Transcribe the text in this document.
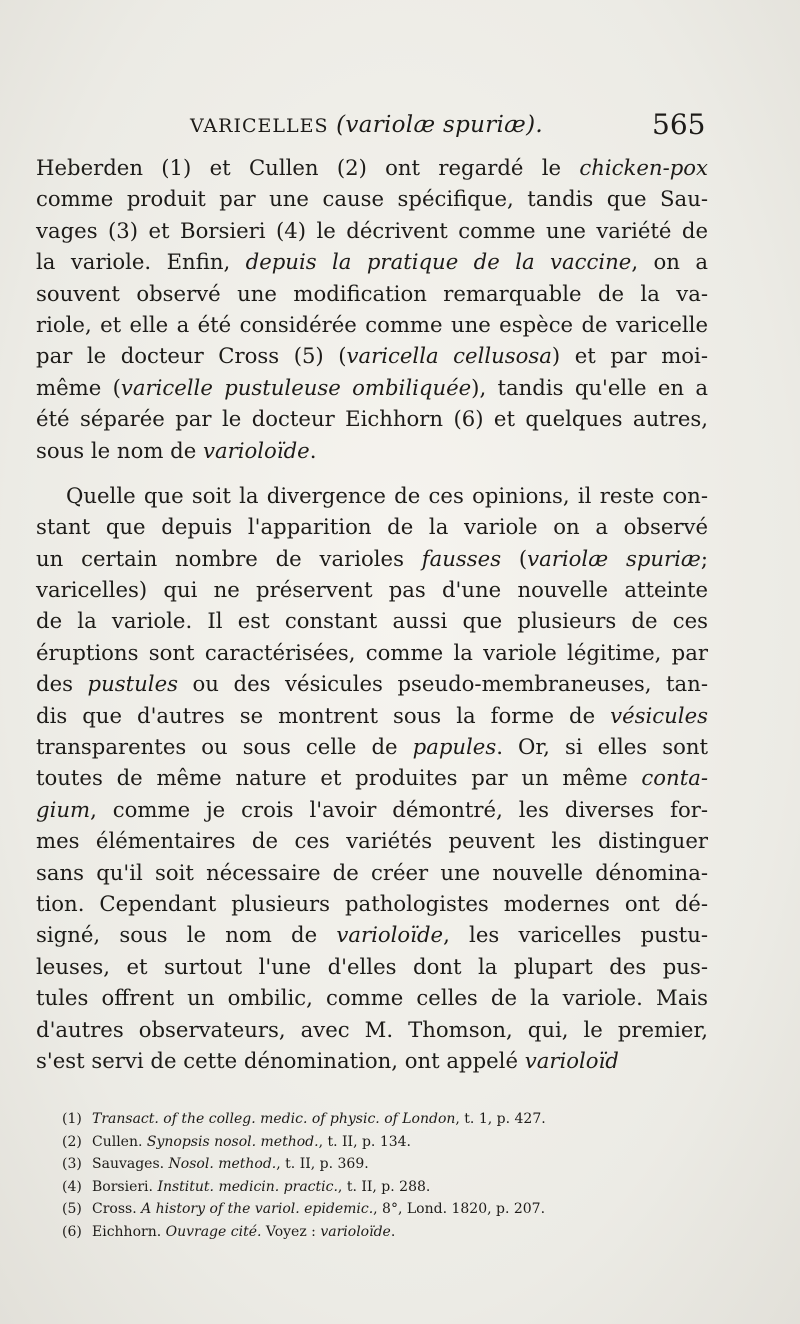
VARICELLES (variolæ spuriæ).	565
Heberden (1) et Cullen (2) ont regardé le chicken-pox
comme produit par une cause spécifique, tandis que Sau-
vages (3) et Borsieri (4) le décrivent comme une variété de
la variole. Enfin, depuis la pratique de la vaccine, on a
souvent observé une modification remarquable de la va-
riole, et elle a été considérée comme une espèce de varicelle
par le docteur Cross (5) (varicella cellusosa) et par moi-
même (varicelle pustuleuse ombiliquée), tandis qu'elle en a
été séparée par le docteur Eichhorn (6) et quelques autres,
sous le nom de varioloïde.
Quelle que soit la divergence de ces opinions, il reste con-
stant que depuis l'apparition de la variole on a observé
un certain nombre de varioles fausses (variolæ spuriæ;
varicelles) qui ne préservent pas d'une nouvelle atteinte
de la variole. Il est constant aussi que plusieurs de ces
éruptions sont caractérisées, comme la variole légitime, par
des pustules ou des vésicules pseudo-membraneuses, tan-
dis que d'autres se montrent sous la forme de vésicules
transparentes ou sous celle de papules. Or, si elles sont
toutes de même nature et produites par un même conta-
gium, comme je crois l'avoir démontré, les diverses for-
mes élémentaires de ces variétés peuvent les distinguer
sans qu'il soit nécessaire de créer une nouvelle dénomina-
tion. Cependant plusieurs pathologistes modernes ont dé-
signé, sous le nom de varioloïde, les varicelles pustu-
leuses, et surtout l'une d'elles dont la plupart des pus-
tules offrent un ombilic, comme celles de la variole. Mais
d'autres observateurs, avec M. Thomson, qui, le premier,
s'est servi de cette dénomination, ont appelé varioloïd
(1) Transact. of the colleg. medic. of physic. of London, t. 1, p. 427.
(2) Cullen. Synopsis nosol. method., t. II, p. 134.
(3) Sauvages. Nosol. method., t. II, p. 369.
(4) Borsieri. Institut. medicin. practic., t. II, p. 288.
(5) Cross. A history of the variol. epidemic., 8°, Lond. 1820, p. 207.
(6) Eichhorn. Ouvrage cité. Voyez : varioloïde.
